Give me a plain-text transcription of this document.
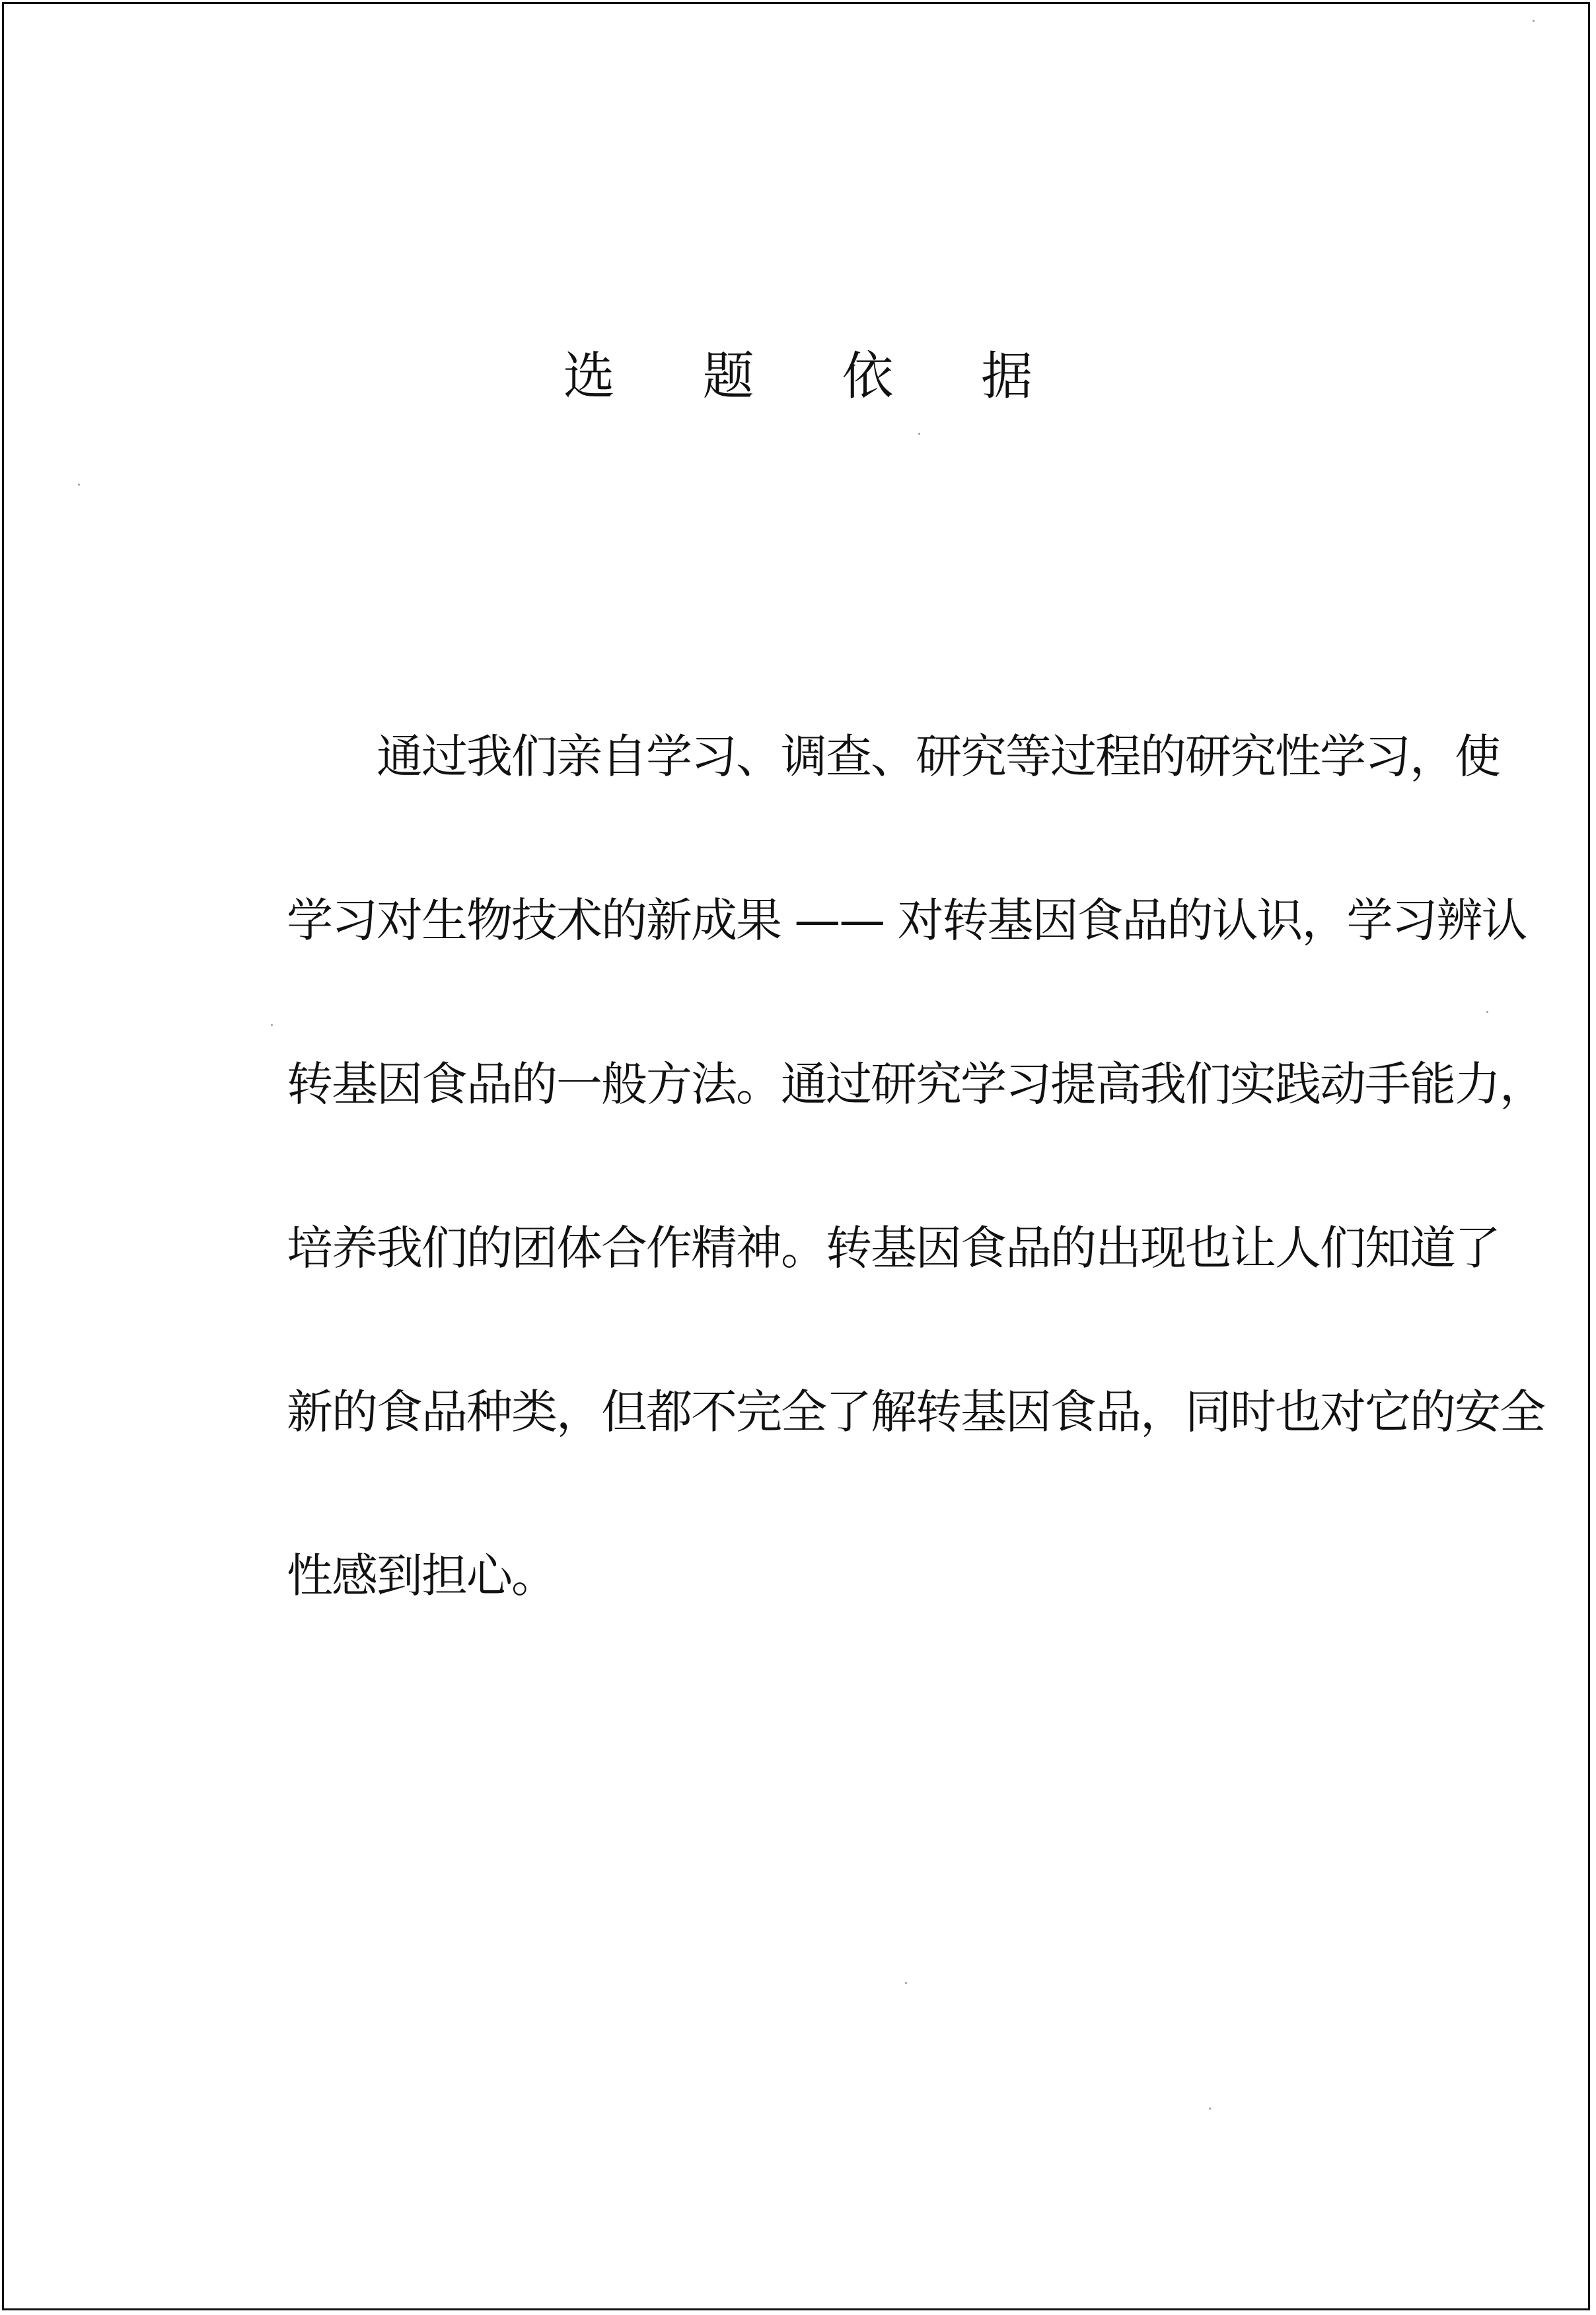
选 题 依 据
　　通过我们亲自学习、调查、研究等过程的研究性学习，使
学习对生物技术的新成果 —— 对转基因食品的认识，学习辨认
转基因食品的一般方法。通过研究学习提高我们实践动手能力，
培养我们的团体合作精神。转基因食品的出现也让人们知道了
新的食品种类，但都不完全了解转基因食品，同时也对它的安全
性感到担心。
